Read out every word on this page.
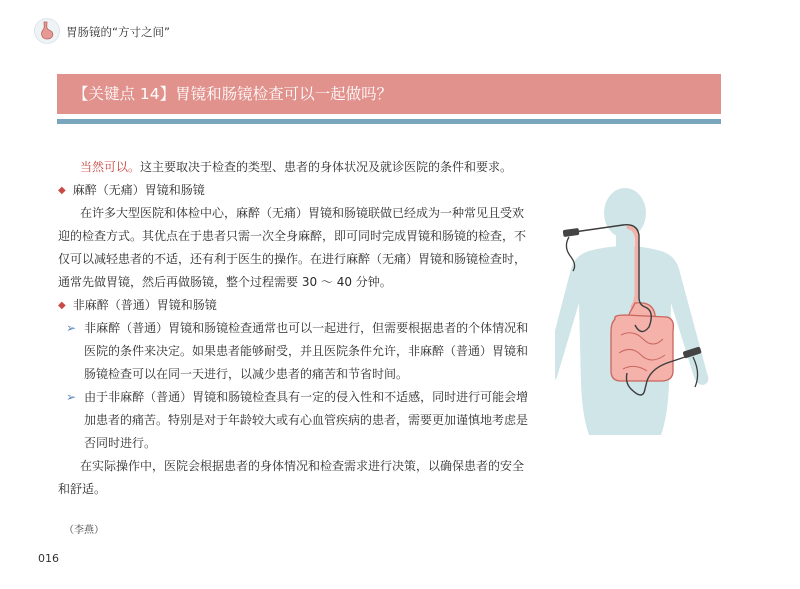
胃肠镜的“方寸之间”
【关键点 14】胃镜和肠镜检查可以一起做吗？
当然可以。这主要取决于检查的类型、患者的身体状况及就诊医院的条件和要求。
◆ 麻醉（无痛）胃镜和肠镜
在许多大型医院和体检中心，麻醉（无痛）胃镜和肠镜联做已经成为一种常见且受欢
迎的检查方式。其优点在于患者只需一次全身麻醉，即可同时完成胃镜和肠镜的检查，不
仅可以减轻患者的不适，还有利于医生的操作。在进行麻醉（无痛）胃镜和肠镜检查时，
通常先做胃镜，然后再做肠镜，整个过程需要 30 ～ 40 分钟。
◆ 非麻醉（普通）胃镜和肠镜
➢ 非麻醉（普通）胃镜和肠镜检查通常也可以一起进行，但需要根据患者的个体情况和
医院的条件来决定。如果患者能够耐受，并且医院条件允许，非麻醉（普通）胃镜和
肠镜检查可以在同一天进行，以减少患者的痛苦和节省时间。
➢ 由于非麻醉（普通）胃镜和肠镜检查具有一定的侵入性和不适感，同时进行可能会增
加患者的痛苦。特别是对于年龄较大或有心血管疾病的患者，需要更加谨慎地考虑是
否同时进行。
在实际操作中，医院会根据患者的身体情况和检查需求进行决策，以确保患者的安全
和舒适。
（李燕）
016
